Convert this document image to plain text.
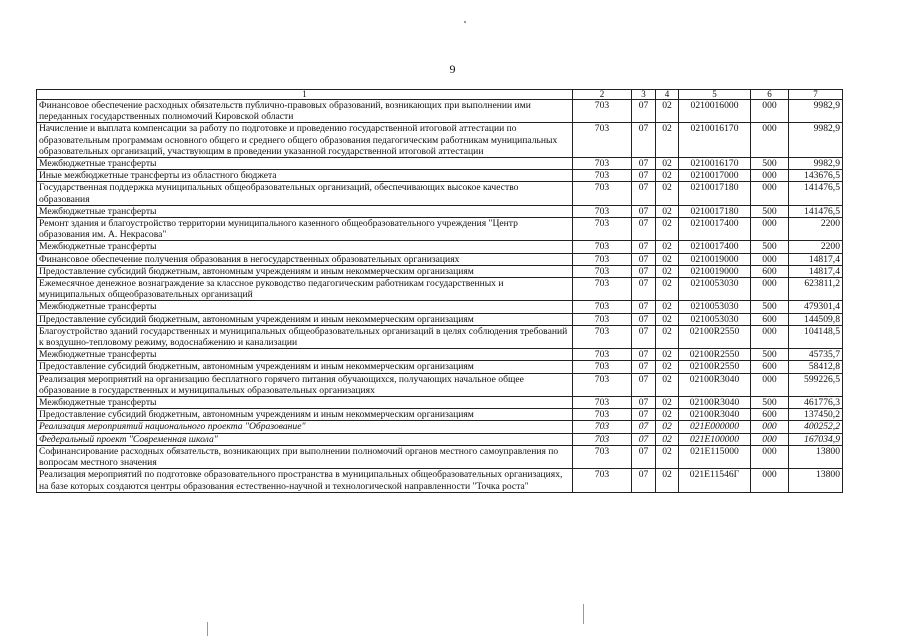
9
1	2	3	4	5	6	7
Финансовое обеспечение расходных обязательств публично-правовых образований, возникающих при выполнении ими переданных государственных полномочий Кировской области	703	07	02	0210016000	000	9982,9
Начисление и выплата компенсации за работу по подготовке и проведению государственной итоговой аттестации по образовательным программам основного общего и среднего общего образования педагогическим работникам муниципальных образовательных организаций, участвующим в проведении указанной государственной итоговой аттестации	703	07	02	0210016170	000	9982,9
Межбюджетные трансферты	703	07	02	0210016170	500	9982,9
Иные межбюджетные трансферты из областного бюджета	703	07	02	0210017000	000	143676,5
Государственная поддержка муниципальных общеобразовательных организаций, обеспечивающих высокое качество образования	703	07	02	0210017180	000	141476,5
Межбюджетные трансферты	703	07	02	0210017180	500	141476,5
Ремонт здания и благоустройство территории муниципального казенного общеобразовательного учреждения "Центр образования им. А. Некрасова"	703	07	02	0210017400	000	2200
Межбюджетные трансферты	703	07	02	0210017400	500	2200
Финансовое обеспечение получения образования в негосударственных образовательных организациях	703	07	02	0210019000	000	14817,4
Предоставление субсидий бюджетным, автономным учреждениям и иным некоммерческим организациям	703	07	02	0210019000	600	14817,4
Ежемесячное денежное вознаграждение за классное руководство педагогическим работникам государственных и муниципальных общеобразовательных организаций	703	07	02	0210053030	000	623811,2
Межбюджетные трансферты	703	07	02	0210053030	500	479301,4
Предоставление субсидий бюджетным, автономным учреждениям и иным некоммерческим организациям	703	07	02	0210053030	600	144509,8
Благоустройство зданий государственных и муниципальных общеобразовательных организаций в целях соблюдения требований к воздушно-тепловому режиму, водоснабжению и канализации	703	07	02	02100R2550	000	104148,5
Межбюджетные трансферты	703	07	02	02100R2550	500	45735,7
Предоставление субсидий бюджетным, автономным учреждениям и иным некоммерческим организациям	703	07	02	02100R2550	600	58412,8
Реализация мероприятий на организацию бесплатного горячего питания обучающихся, получающих начальное общее образование в государственных и муниципальных образовательных организациях	703	07	02	02100R3040	000	599226,5
Межбюджетные трансферты	703	07	02	02100R3040	500	461776,3
Предоставление субсидий бюджетным, автономным учреждениям и иным некоммерческим организациям	703	07	02	02100R3040	600	137450,2
Реализация мероприятий национального проекта "Образование"	703	07	02	021E000000	000	400252,2
Федеральный проект "Современная школа"	703	07	02	021E100000	000	167034,9
Софинансирование расходных обязательств, возникающих при выполнении полномочий органов местного самоуправления по вопросам местного значения	703	07	02	021E115000	000	13800
Реализация мероприятий по подготовке образовательного пространства в муниципальных общеобразовательных организациях, на базе которых создаются центры образования естественно-научной и технологической направленности "Точка роста"	703	07	02	021E11546Г	000	13800
